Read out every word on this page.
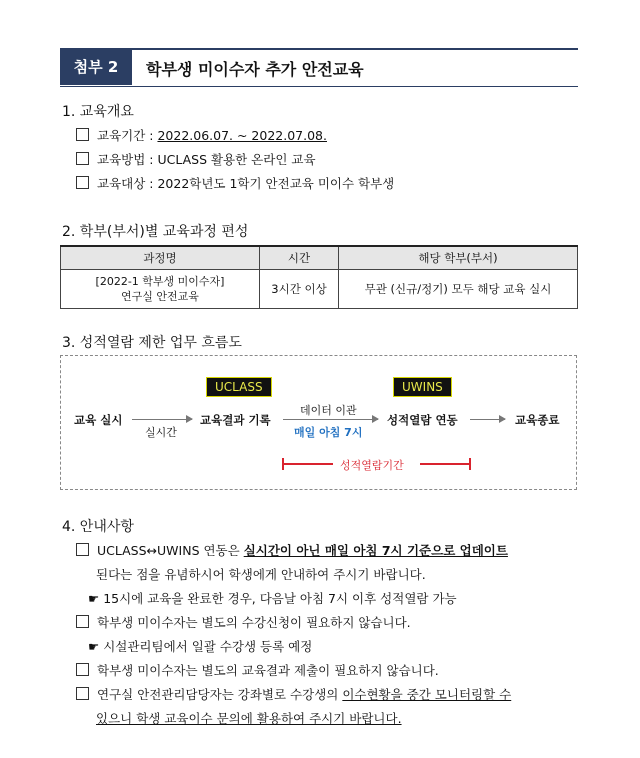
첨부 2	학부생 미이수자 추가 안전교육
1. 교육개요
교육기간 : 2022.06.07. ~ 2022.07.08.
교육방법 : UCLASS 활용한 온라인 교육
교육대상 : 2022학년도 1학기 안전교육 미이수 학부생
2. 학부(부서)별 교육과정 편성
과정명	시간	해당 학부(부서)

[2022-1 학부생 미이수자]
연구실 안전교육	3시간 이상	무관 (신규/정기) 모두 해당 교육 실시
3. 성적열람 제한 업무 흐름도
UCLASS	UWINS
교육 실시
실시간
교육결과 기록
데이터 이관
매일 아침 7시
성적열람 연동	교육종료
성적열람기간
4. 안내사항
UCLASS↔UWINS 연동은 실시간이 아닌 매일 아침 7시 기준으로 업데이트
된다는 점을 유념하시어 학생에게 안내하여 주시기 바랍니다.
☛ 15시에 교육을 완료한 경우, 다음날 아침 7시 이후 성적열람 가능
학부생 미이수자는 별도의 수강신청이 필요하지 않습니다.
☛ 시설관리팀에서 일괄 수강생 등록 예정
학부생 미이수자는 별도의 교육결과 제출이 필요하지 않습니다.
연구실 안전관리담당자는 강좌별로 수강생의 이수현황을 중간 모니터링할 수
있으니 학생 교육이수 문의에 활용하여 주시기 바랍니다.
